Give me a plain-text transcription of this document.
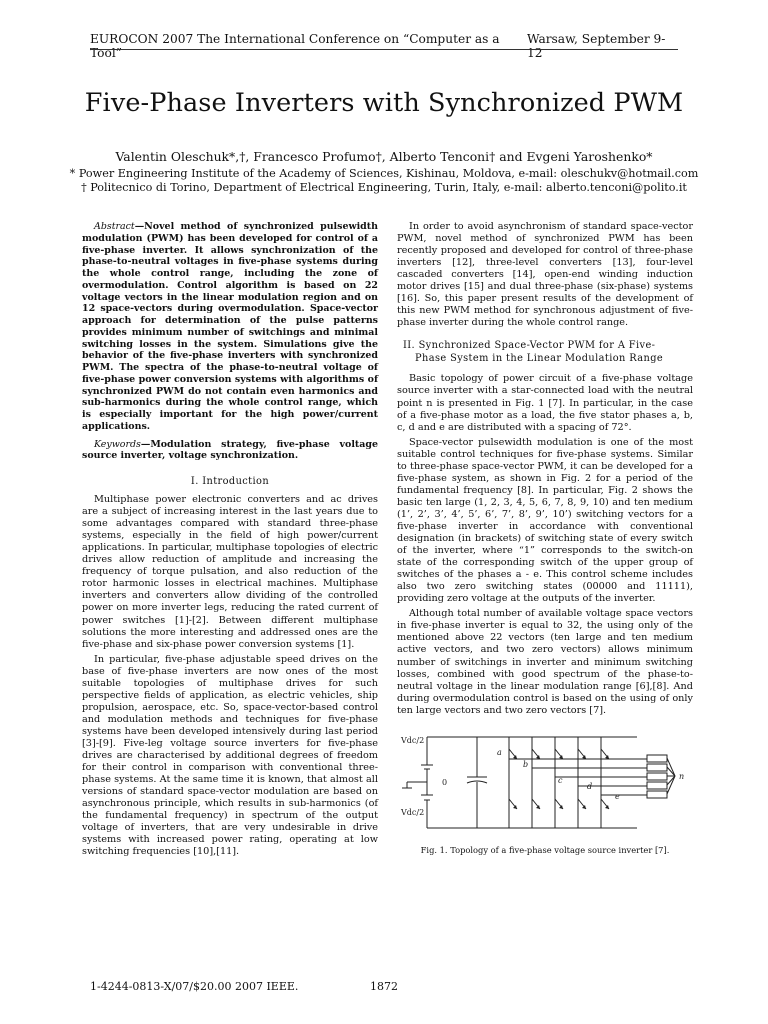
EUROCON 2007 The International Conference on “Computer as a Tool”
Warsaw, September 9-12
Five-Phase Inverters with Synchronized PWM
Valentin Oleschuk*,†, Francesco Profumo†, Alberto Tenconi† and Evgeni Yaroshenko*
* Power Engineering Institute of the Academy of Sciences, Kishinau, Moldova, e-mail: oleschukv@hotmail.com
† Politecnico di Torino, Department of Electrical Engineering, Turin, Italy, e-mail: alberto.tenconi@polito.it

Abstract—Novel method of synchronized pulsewidth modulation (PWM) has been developed for control of a five-phase inverter. It allows synchronization of the phase-to-neutral voltages in five-phase systems during the whole control range, including the zone of overmodulation. Control algorithm is based on 22 voltage vectors in the linear modulation region and on 12 space-vectors during overmodulation. Space-vector approach for determination of the pulse patterns provides minimum number of switchings and minimal switching losses in the system. Simulations give the behavior of the five-phase inverters with synchronized PWM. The spectra of the phase-to-neutral voltage of five-phase power conversion systems with algorithms of synchronized PWM do not contain even harmonics and sub-harmonics during the whole control range, which is especially important for the high power/current applications.

Keywords—Modulation strategy, five-phase voltage source inverter, voltage synchronization.

I. Introduction

Multiphase power electronic converters and ac drives are a subject of increasing interest in the last years due to some advantages compared with standard three-phase systems, especially in the field of high power/current applications. In particular, multiphase topologies of electric drives allow reduction of amplitude and increasing the frequency of torque pulsation, and also reduction of the rotor harmonic losses in electrical machines. Multiphase inverters and converters allow dividing of the controlled power on more inverter legs, reducing the rated current of power switches [1]-[2]. Between different multiphase solutions the more interesting and addressed ones are the five-phase and six-phase power conversion systems [1].

In particular, five-phase adjustable speed drives on the base of five-phase inverters are now ones of the most suitable topologies of multiphase drives for such perspective fields of application, as electric vehicles, ship propulsion, aerospace, etc. So, space-vector-based control and modulation methods and techniques for five-phase systems have been developed intensively during last period [3]-[9]. Five-leg voltage source inverters for five-phase drives are characterised by additional degrees of freedom for their control in comparison with conventional three-phase systems. At the same time it is known, that almost all versions of standard space-vector modulation are based on asynchronous principle, which results in sub-harmonics (of the fundamental frequency) in spectrum of the output voltage of inverters, that are very undesirable in drive systems with increased power rating, operating at low switching frequencies [10],[11].

In order to avoid asynchronism of standard space-vector PWM, novel method of synchronized PWM has been recently proposed and developed for control of three-phase inverters [12], three-level converters [13], four-level cascaded converters [14], open-end winding induction motor drives [15] and dual three-phase (six-phase) systems [16]. So, this paper present results of the development of this new PWM method for synchronous adjustment of five-phase inverter during the whole control range.

II. Synchronized Space-Vector PWM for A Five-
Phase System in the Linear Modulation Range

Basic topology of power circuit of a five-phase voltage source inverter with a star-connected load with the neutral point n is presented in Fig. 1 [7]. In particular, in the case of a five-phase motor as a load, the five stator phases a, b, c, d and e are distributed with a spacing of 72°.

Space-vector pulsewidth modulation is one of the most suitable control techniques for five-phase systems. Similar to three-phase space-vector PWM, it can be developed for a five-phase system, as shown in Fig. 2 for a period of the fundamental frequency [8]. In particular, Fig. 2 shows the basic ten large (1, 2, 3, 4, 5, 6, 7, 8, 9, 10) and ten medium (1’, 2’, 3’, 4’, 5’, 6’, 7’, 8’, 9’, 10’) switching vectors for a five-phase inverter in accordance with conventional designation (in brackets) of switching state of every switch of the inverter, where “1” corresponds to the switch-on state of the corresponding switch of the upper group of switches of the phases a - e. This control scheme includes also two zero switching states (00000 and 11111), providing zero voltage at the outputs of the inverter.

Although total number of available voltage space vectors in five-phase inverter is equal to 32, the using only of the mentioned above 22 vectors (ten large and ten medium active vectors, and two zero vectors) allows minimum number of switchings in inverter and minimum switching losses, combined with good spectrum of the phase-to-neutral voltage in the linear modulation range [6],[8]. And during overmodulation control is based on the using of only ten large vectors and two zero vectors [7].

Vdc/2
Vdc/2
0
a
b
c
d
e
n
Fig. 1. Topology of a five-phase voltage source inverter [7].
1-4244-0813-X/07/$20.00 2007 IEEE.	1872
